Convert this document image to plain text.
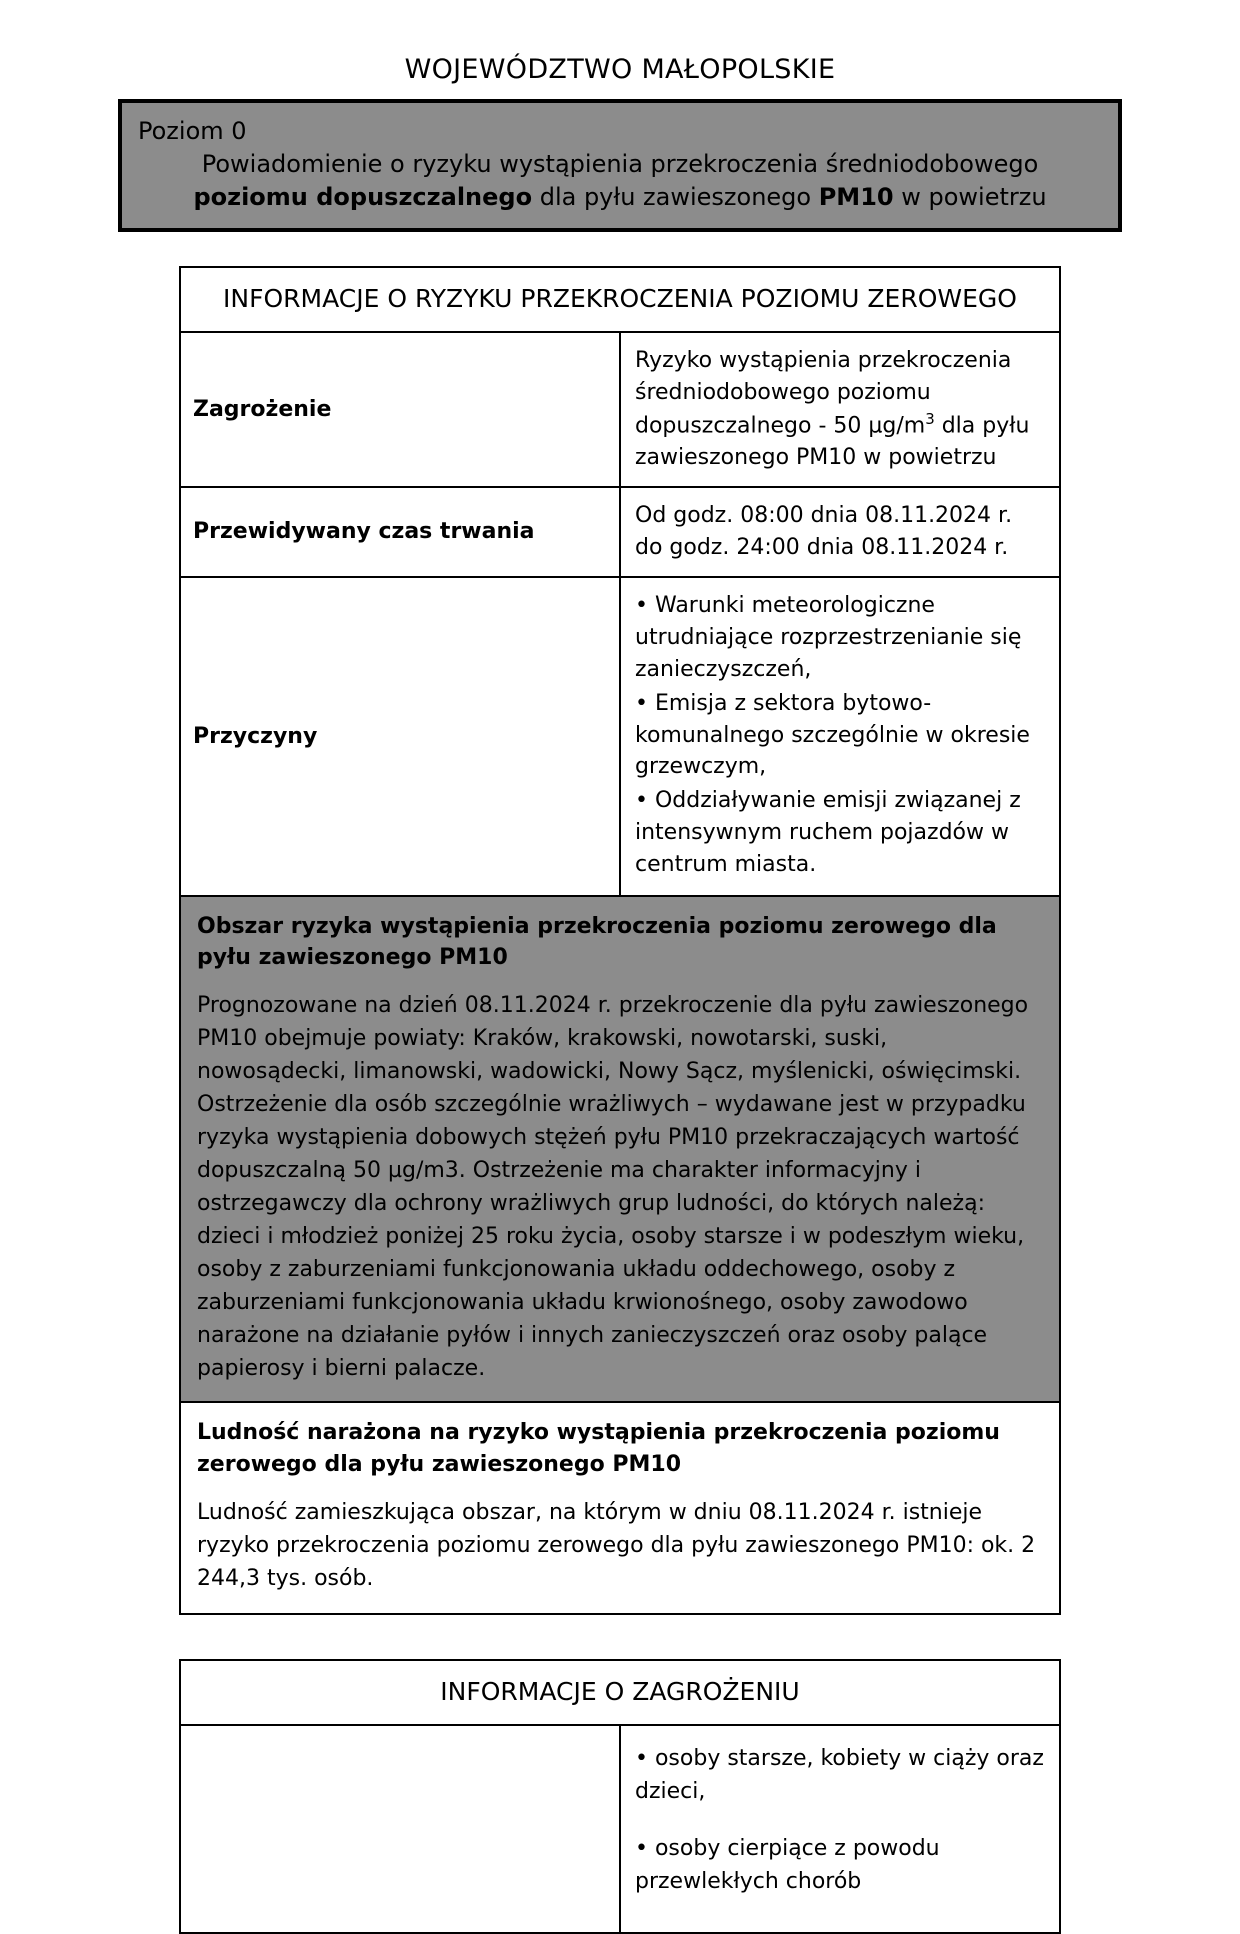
WOJEWÓDZTWO MAŁOPOLSKIE
Poziom 0
Powiadomienie o ryzyku wystąpienia przekroczenia średniodobowego
poziomu dopuszczalnego dla pyłu zawieszonego PM10 w powietrzu
INFORMACJE O RYZYKU PRZEKROCZENIA POZIOMU ZEROWEGO	
Zagrożenie	Ryzyko wystąpienia przekroczenia średniodobowego poziomu dopuszczalnego - 50 $\mu g/m^3$ dla pyłu zawieszonego PM10 w powietrzu
Przewidywany czas trwania	Od godz. 08:00 dnia 08.11.2024 r. do godz. 24:00 dnia 08.11.2024 r.
Przyczyny	• Warunki meteorologiczne utrudniające rozprzestrzenianie się zanieczyszczeń,
• Emisja z sektora bytowo-komunalnego szczególnie w okresie grzewczym,
• Oddziaływanie emisji związanej z intensywnym ruchem pojazdów w centrum miasta.
Obszar ryzyka wystąpienia przekroczenia poziomu zerowego dla pyłu zawieszonego PM10
Prognozowane na dzień 08.11.2024 r. przekroczenie dla pyłu zawieszonego PM10 obejmuje powiaty: Kraków, krakowski, nowotarski, suski, nowosądecki, limanowski, wadowicki, Nowy Sącz, myślenicki, oświęcimski. Ostrzeżenie dla osób szczególnie wrażliwych – wydawane jest w przypadku ryzyka wystąpienia dobowych stężeń pyłu PM10 przekraczających wartość dopuszczalną 50 µg/m3. Ostrzeżenie ma charakter informacyjny i ostrzegawczy dla ochrony wrażliwych grup ludności, do których należą: dzieci i młodzież poniżej 25 roku życia, osoby starsze i w podeszłym wieku, osoby z zaburzeniami funkcjonowania układu oddechowego, osoby z zaburzeniami funkcjonowania układu krwionośnego, osoby zawodowo narażone na działanie pyłów i innych zanieczyszczeń oraz osoby palące papierosy i bierni palacze.
Ludność narażona na ryzyko wystąpienia przekroczenia poziomu zerowego dla pyłu zawieszonego PM10
Ludność zamieszkująca obszar, na którym w dniu 08.11.2024 r. istnieje ryzyko przekroczenia poziomu zerowego dla pyłu zawieszonego PM10: ok. 2 244,3 tys. osób.
INFORMACJE O ZAGROŻENIU

• osoby starsze, kobiety w ciąży oraz dzieci,
• osoby cierpiące z powodu przewlekłych chorób
